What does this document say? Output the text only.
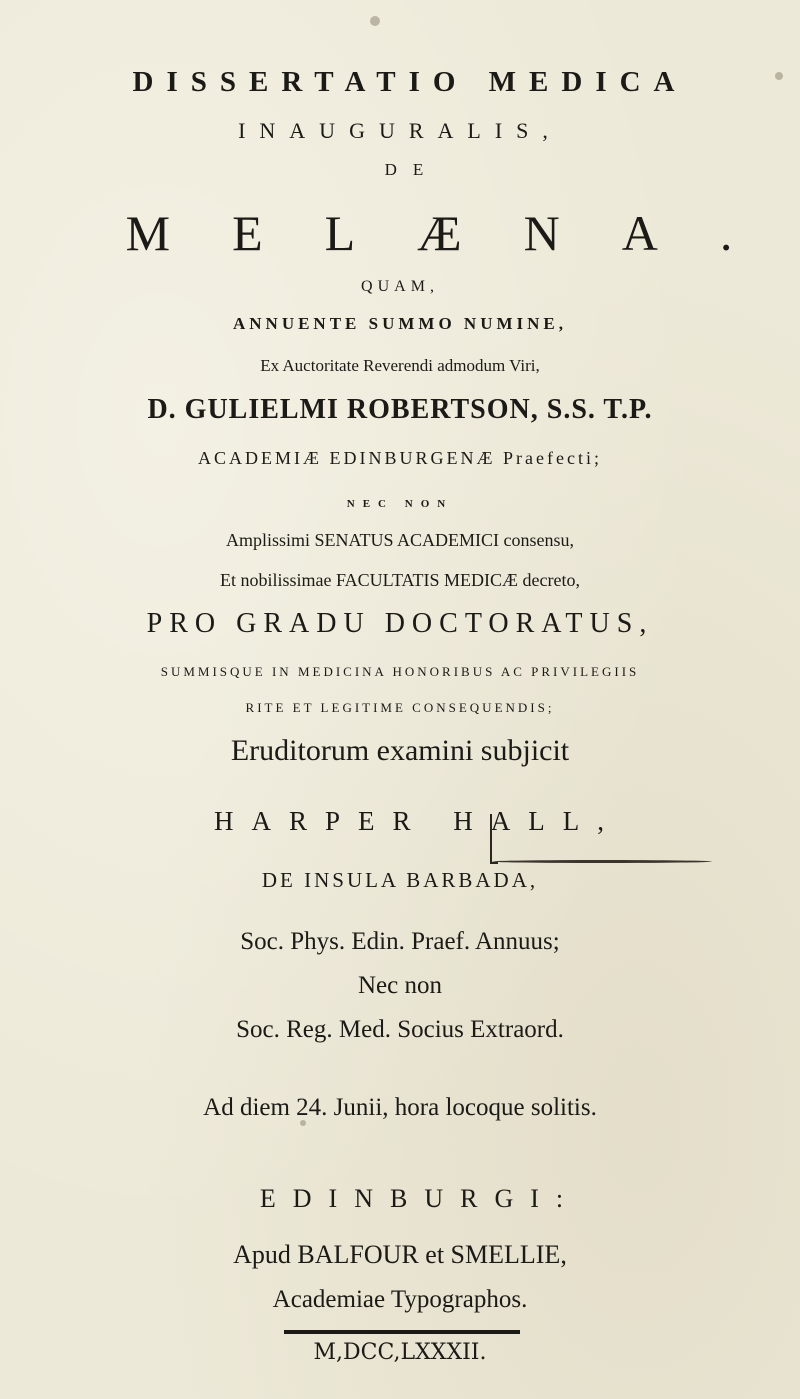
DISSERTATIO MEDICA
INAUGURALIS,
DE
MELÆNA.
QUAM,
ANNUENTE SUMMO NUMINE,
Ex Auctoritate Reverendi admodum Viri,
D. GULIELMI ROBERTSON, S.S. T.P.
ACADEMIÆ EDINBURGENÆ Praefecti;
NEC NON
Amplissimi SENATUS ACADEMICI consensu,
Et nobilissimae FACULTATIS MEDICÆ decreto,
PRO GRADU DOCTORATUS,
SUMMISQUE IN MEDICINA HONORIBUS AC PRIVILEGIIS
RITE ET LEGITIME CONSEQUENDIS;
Eruditorum examini subjicit
HARPER HALL,
DE INSULA BARBADA,
Soc. Phys. Edin. Praef. Annuus;
Nec non
Soc. Reg. Med. Socius Extraord.
Ad diem 24. Junii, hora locoque solitis.
EDINBURGI:
Apud BALFOUR et SMELLIE,
Academiae Typographos.
M,DCC,LXXXII.
